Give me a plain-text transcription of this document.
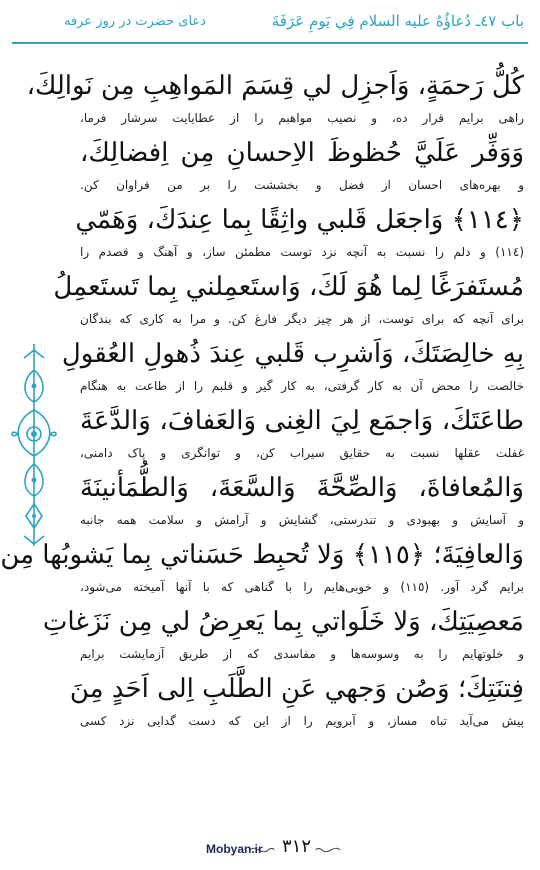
باب ٤٧ـ دُعاؤُهُ عليه السلام فِي يَومِ عَرَفَةَ
دعای حضرت در روز عرفه
كُلُّ رَحمَةٍ، وَاَجزِل لي قِسَمَ المَواهِبِ مِن نَوالِكَ،
راهی برایم قرار ده، و نصیب مواهبم را از عطایایت سرشار فرما،
وَوَفِّر عَلَيَّ حُظوظَ الاِحسانِ مِن اِفضالِكَ،
و بهره‌های احسان از فضل و بخششت را بر من فراوان کن.
﴿١١٤﴾ وَاجعَل قَلبي واثِقًا بِما عِندَكَ، وَهَمّي
(١١٤) و دلم را نسبت به آنچه نزد توست مطمئن ساز، و آهنگ و قصدم را
مُستَفرَغًا لِما هُوَ لَكَ، وَاستَعمِلني بِما تَستَعمِلُ
برای آنچه که برای توست، از هر چیز دیگر فارغ کن. و مرا به کاری که بندگان
بِهِ خالِصَتَكَ، وَاَشرِب قَلبي عِندَ ذُهولِ العُقولِ
خالصت را محض آن به کار گرفتی، به کار گیر و قلبم را از طاعت به هنگام
طاعَتَكَ، وَاجمَع لِيَ الغِنى وَالعَفافَ، وَالدَّعَةَ
غفلت عقلها نسبت به حقایق سیراب کن، و توانگری و پاک دامنی،
وَالمُعافاةَ، وَالصِّحَّةَ وَالسَّعَةَ، وَالطُّمَأنينَةَ
و آسایش و بهبودی و تندرستی، گشایش و آرامش و سلامت همه جانبه
وَالعافِيَةَ؛ ﴿١١٥﴾ وَلا تُحبِط حَسَناتي بِما يَشوبُها مِن
برایم گرد آور. (١١٥) و خوبی‌هایم را با گناهی که با آنها آمیخته می‌شود،
مَعصِيَتِكَ، وَلا خَلَواتي بِما يَعرِضُ لي مِن نَزَغاتِ
و خلوتهایم را به وسوسه‌ها و مفاسدی که از طریق آزمایشت برایم
فِتنَتِكَ؛ وَصُن وَجهي عَنِ الطَّلَبِ اِلى اَحَدٍ مِنَ
پیش می‌آید تباه مساز، و آبرویم را از این که دست گدایی نزد کسی
Mobyan.ir ٣١٢
